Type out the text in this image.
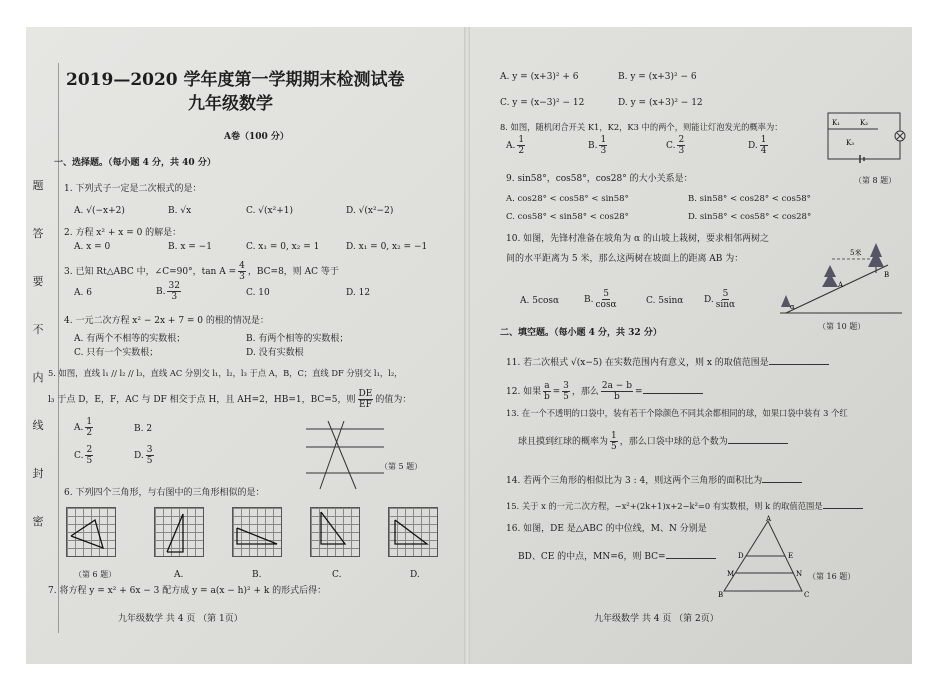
题
答
要
不
内
线
封
密
2019—2020 学年度第一学期期末检测试卷
九年级数学
A卷（100 分）
一、选择题。（每小题 4 分，共 40 分）
1. 下列式子一定是二次根式的是：
A. √(−x+2)	B. √x	C. √(x²+1)	D. √(x²−2)
2. 方程 x² + x = 0 的解是：
A. x = 0	B. x = −1	C. x₁ = 0, x₂ = 1	D. x₁ = 0, x₂ = −1
3. 已知 Rt△ABC 中，∠C=90°，$\tan A = \frac{4}{3}$ ，BC=8，则 AC 等于
A. 6	B. $\frac{32}{3}$	C. 10	D. 12
4. 一元二次方程 x² − 2x + 7 = 0 的根的情况是：
A. 有两个不相等的实数根；	B. 有两个相等的实数根；
C. 只有一个实数根；	D. 没有实数根
5. 如图，直线 l₁ // l₂ // l₃，直线 AC 分别交 l₁，l₂，l₃ 于点 A，B，C；直线 DF 分别交 l₁，l₂，
l₃ 于点 D，E，F，AC 与 DF 相交于点 H，且 AH=2，HB=1，BC=5，则 $\frac{DE}{EF}$ 的值为：
A. $\frac{1}{2}$	B. 2
C. $\frac{2}{5}$	D. $\frac{3}{5}$
（第 5 题）
6. 下列四个三角形，与右图中的三角形相似的是：
（第 6 题）	A.	B.	C.	D.
7. 将方程 y = x² + 6x − 3 配方成 y = a(x − h)² + k 的形式后得：
九年级数学 共 4 页 （第 1页）
A. y = (x+3)² + 6	B. y = (x+3)² − 6
C. y = (x−3)² − 12	D. y = (x+3)² − 12
8. 如图，随机闭合开关 K1，K2，K3 中的两个，则能让灯泡发光的概率为：
A. $\frac{1}{2}$	B. $\frac{1}{3}$	C. $\frac{2}{3}$	D. $\frac{1}{4}$
K₁	K₂
K₃
（第 8 题）
9. sin58°，cos58°，cos28° 的大小关系是：
A. cos28° < cos58° < sin58°	B. sin58° < cos28° < cos58°
C. cos58° < sin58° < cos28°	D. sin58° < cos58° < cos28°
10. 如图，先锋村准备在坡角为 α 的山坡上栽树，要求相邻两树之
间的水平距离为 5 米，那么这两树在坡面上的距离 AB 为：
A. 5cosα	B. $\frac{5}{\cos\alpha}$	C. 5sinα D. $\frac{5}{\sin\alpha}$	α
B
A
5米
（第 10 题）
二、填空题。（每小题 4 分，共 32 分）
11. 若二次根式 √(x−5) 在实数范围内有意义，则 x 的取值范围是
12. 如果 $\frac{a}{b} = \frac{3}{5}$ ，那么 $\frac{2a - b}{b}$ =
13. 在一个不透明的口袋中，装有若干个除颜色不同其余都相同的球，如果口袋中装有 3 个红
球且摸到红球的概率为 $\frac{1}{5}$ ，那么口袋中球的总个数为
14. 若两个三角形的相似比为 3 : 4，则这两个三角形的面积比为
15. 关于 x 的一元二次方程，−x²+(2k+1)x+2−k²=0 有实数根，则 k 的取值范围是
16. 如图，DE 是△ABC 的中位线，M、N 分别是
BD、CE 的中点，MN=6，则 BC=
A
D	E
M	N
B	C
（第 16 题）
九年级数学 共 4 页 （第 2页）
